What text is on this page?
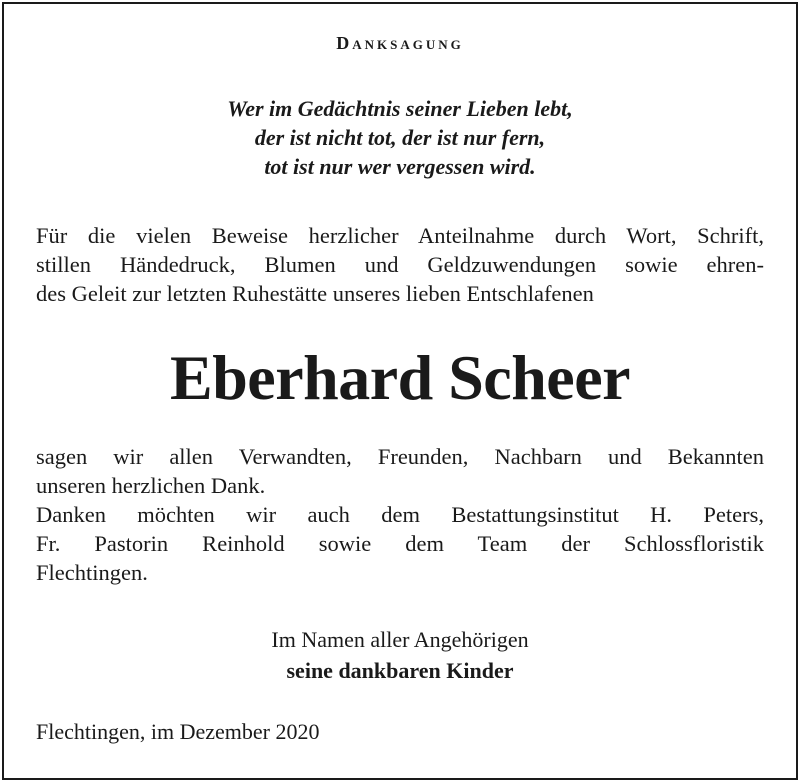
Danksagung
Wer im Gedächtnis seiner Lieben lebt,
der ist nicht tot, der ist nur fern,
tot ist nur wer vergessen wird.
Für die vielen Beweise herzlicher Anteilnahme durch Wort, Schrift,
stillen Händedruck, Blumen und Geldzuwendungen sowie ehren-
des Geleit zur letzten Ruhestätte unseres lieben Entschlafenen
Eberhard Scheer
sagen wir allen Verwandten, Freunden, Nachbarn und Bekannten
unseren herzlichen Dank.
Danken möchten wir auch dem Bestattungsinstitut H. Peters,
Fr. Pastorin Reinhold sowie dem Team der Schlossfloristik
Flechtingen.
Im Namen aller Angehörigen
seine dankbaren Kinder
Flechtingen, im Dezember 2020
